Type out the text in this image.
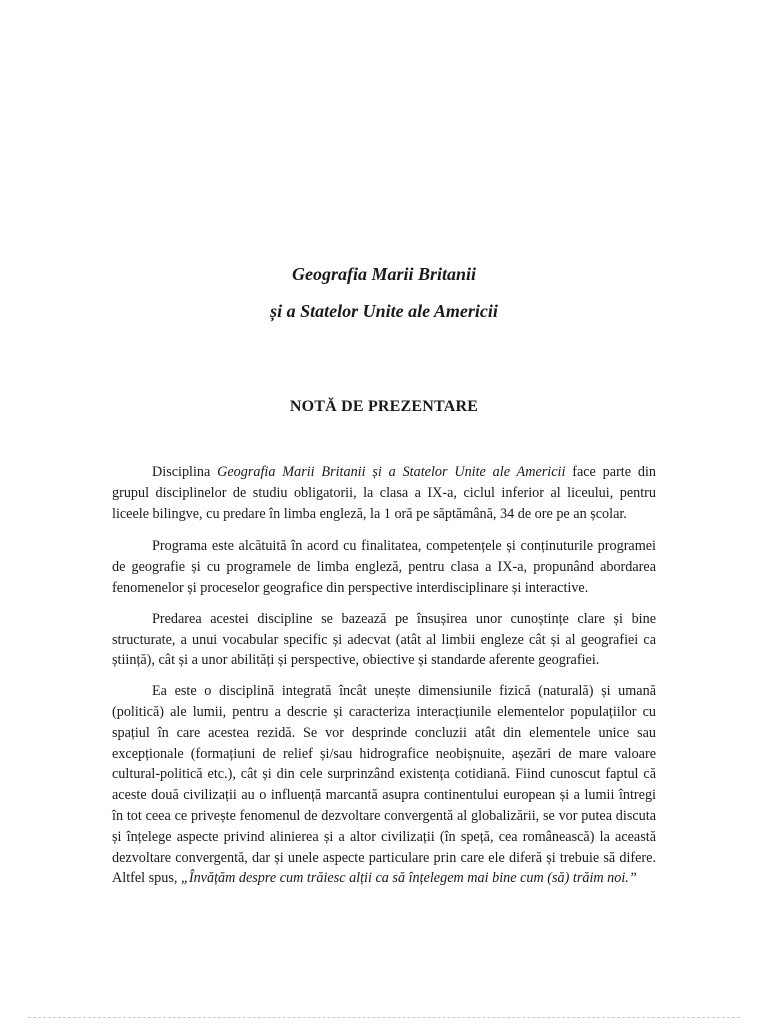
Geografia Marii Britanii
și a Statelor Unite ale Americii
NOTĂ DE PREZENTARE

Disciplina Geografia Marii Britanii și a Statelor Unite ale Americii face parte din grupul disciplinelor de studiu obligatorii, la clasa a IX-a, ciclul inferior al liceului, pentru liceele bilingve, cu predare în limba engleză, la 1 oră pe săptămână, 34 de ore pe an școlar.

Programa este alcătuită în acord cu finalitatea, competențele și conținuturile programei de geografie și cu programele de limba engleză, pentru clasa a IX-a, propunând abordarea fenomenelor și proceselor geografice din perspective interdisciplinare și interactive.

Predarea acestei discipline se bazează pe însușirea unor cunoștințe clare și bine structurate, a unui vocabular specific și adecvat (atât al limbii engleze cât și al geografiei ca știință), cât și a unor abilități și perspective, obiective și standarde aferente geografiei.

Ea este o disciplină integrată încât unește dimensiunile fizică (naturală) și umană (politică) ale lumii, pentru a descrie și caracteriza interacțiunile elementelor populațiilor cu spațiul în care acestea rezidă. Se vor desprinde concluzii atât din elementele unice sau excepționale (formațiuni de relief și/sau hidrografice neobișnuite, așezări de mare valoare cultural-politică etc.), cât și din cele surprinzând existența cotidiană. Fiind cunoscut faptul că aceste două civilizații au o influență marcantă asupra continentului european și a lumii întregi în tot ceea ce privește fenomenul de dezvoltare convergentă al globalizării, se vor putea discuta și înțelege aspecte privind alinierea și a altor civilizații (în speță, cea românească) la această dezvoltare convergentă, dar și unele aspecte particulare prin care ele diferă și trebuie să difere. Altfel spus, „Învățăm despre cum trăiesc alții ca să înțelegem mai bine cum (să) trăim noi.”
